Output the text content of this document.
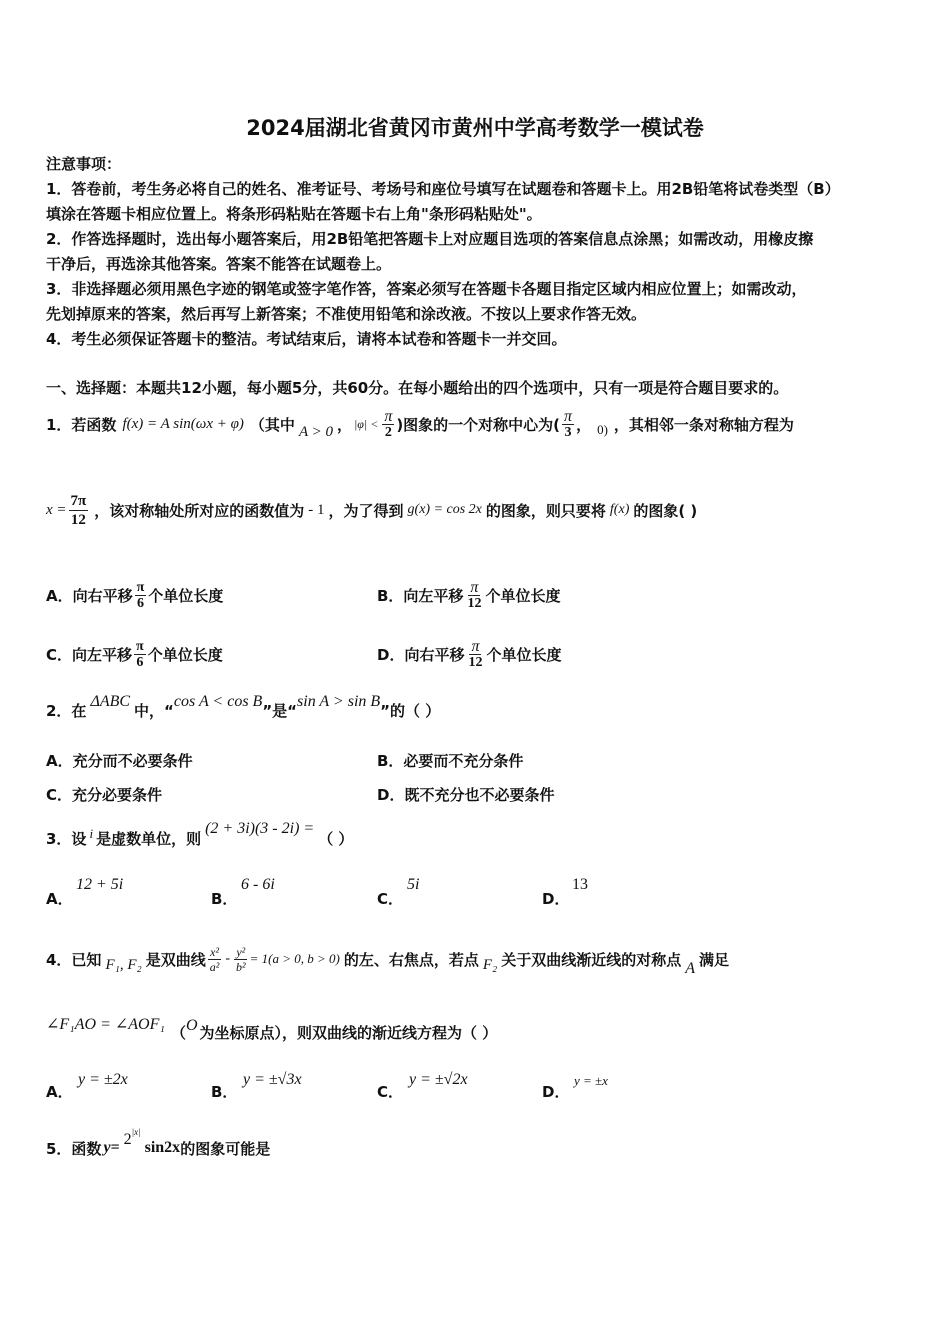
2024届湖北省黄冈市黄州中学高考数学一模试卷
注意事项：
1．答卷前，考生务必将自己的姓名、准考证号、考场号和座位号填写在试题卷和答题卡上。用2B铅笔将试卷类型（B）
填涂在答题卡相应位置上。将条形码粘贴在答题卡右上角"条形码粘贴处"。
2．作答选择题时，选出每小题答案后，用2B铅笔把答题卡上对应题目选项的答案信息点涂黑；如需改动，用橡皮擦
干净后，再选涂其他答案。答案不能答在试题卷上。
3．非选择题必须用黑色字迹的钢笔或签字笔作答，答案必须写在答题卡各题目指定区域内相应位置上；如需改动，
先划掉原来的答案，然后再写上新答案；不准使用铅笔和涂改液。不按以上要求作答无效。
4．考生必须保证答题卡的整洁。考试结束后，请将本试卷和答题卡一并交回。
一、选择题：本题共12小题，每小题5分，共60分。在每小题给出的四个选项中，只有一项是符合题目要求的。
1．若函数 f(x) = A sin(ωx + φ) （其中 A > 0 ， $|\varphi| < \frac{\pi}{2}$ )图象的一个对称中心为( $\frac{\pi}{3}$ ， 0) ，其相邻一条对称轴方程为
$x = \frac{7\pi}{12}$ ，该对称轴处所对应的函数值为 - 1 ，为了得到 g(x) = cos 2x 的图象，则只要将 f(x) 的图象( )
A．向右平移 $\frac{\pi}{6}$ 个单位长度	B．向左平移 $\frac{\pi}{12}$ 个单位长度
C．向左平移 $\frac{\pi}{6}$ 个单位长度	D．向右平移 $\frac{\pi}{12}$ 个单位长度
2．在 ΔABC 中，“ cos A < cos B ”是“ sin A > sin B ”的（ ）
A．充分而不必要条件	B．必要而不充分条件
C．充分必要条件	D．既不充分也不必要条件
3．设 i 是虚数单位，则
(2 + 3i)(3 - 2i) =
（ ）
A．
12 + 5i
B．
6 - 6i
C．
5i
D．
13
4．已知 F₁, F₂ 是双曲线 $\frac{\text{x²}}{\text{a²}} - \frac{\text{y²}}{\text{b²}} = 1(a > 0$, b > 0) 的左、右焦点，若点 F₂ 关于双曲线渐近线的对称点 A 满足
∠F₁AO = ∠AOF₁ （ O 为坐标原点），则双曲线的渐近线方程为（ ）
A．
y = ±2x
B．
y = ±√3x
C．
y = ±√2x
D．
y = ±x
5．函数 y= 2 |x|
sin2x 的图象可能是
